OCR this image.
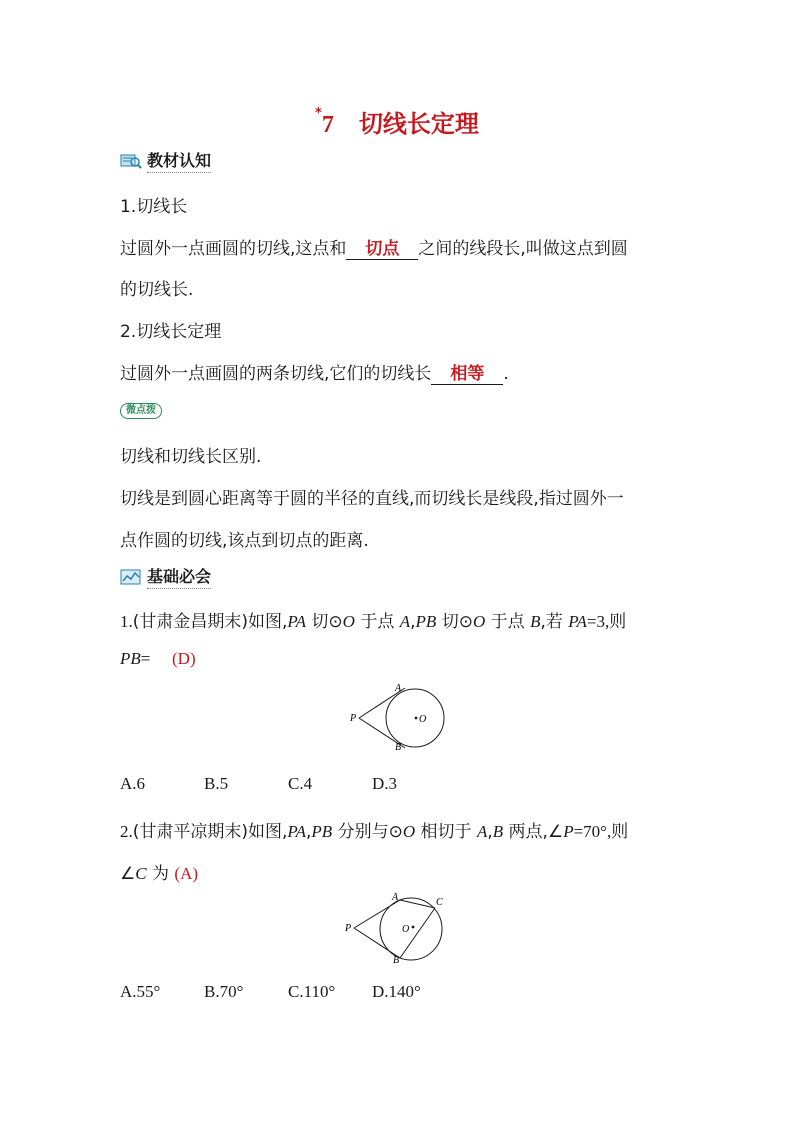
*7 切线长定理
教材认知
1.切线长
过圆外一点画圆的切线,这点和 切点 之间的线段长,叫做这点到圆
的切线长.
2.切线长定理
过圆外一点画圆的两条切线,它们的切线长 相等 .
微点拨
切线和切线长区别.
切线是到圆心距离等于圆的半径的直线,而切线长是线段,指过圆外一
点作圆的切线,该点到切点的距离.
基础必会
1.(甘肃金昌期末)如图,PA 切⊙O 于点 A,PB 切⊙O 于点 B,若 PA=3,则
PB= (D)
A
B
P	O
A.6	B.5	C.4	D.3
2.(甘肃平凉期末)如图,PA,PB 分别与⊙O 相切于 A,B 两点,∠P=70°,则
∠C 为 (A)
A
B
C
P	O
A.55°	B.70°	C.110° D.140°
